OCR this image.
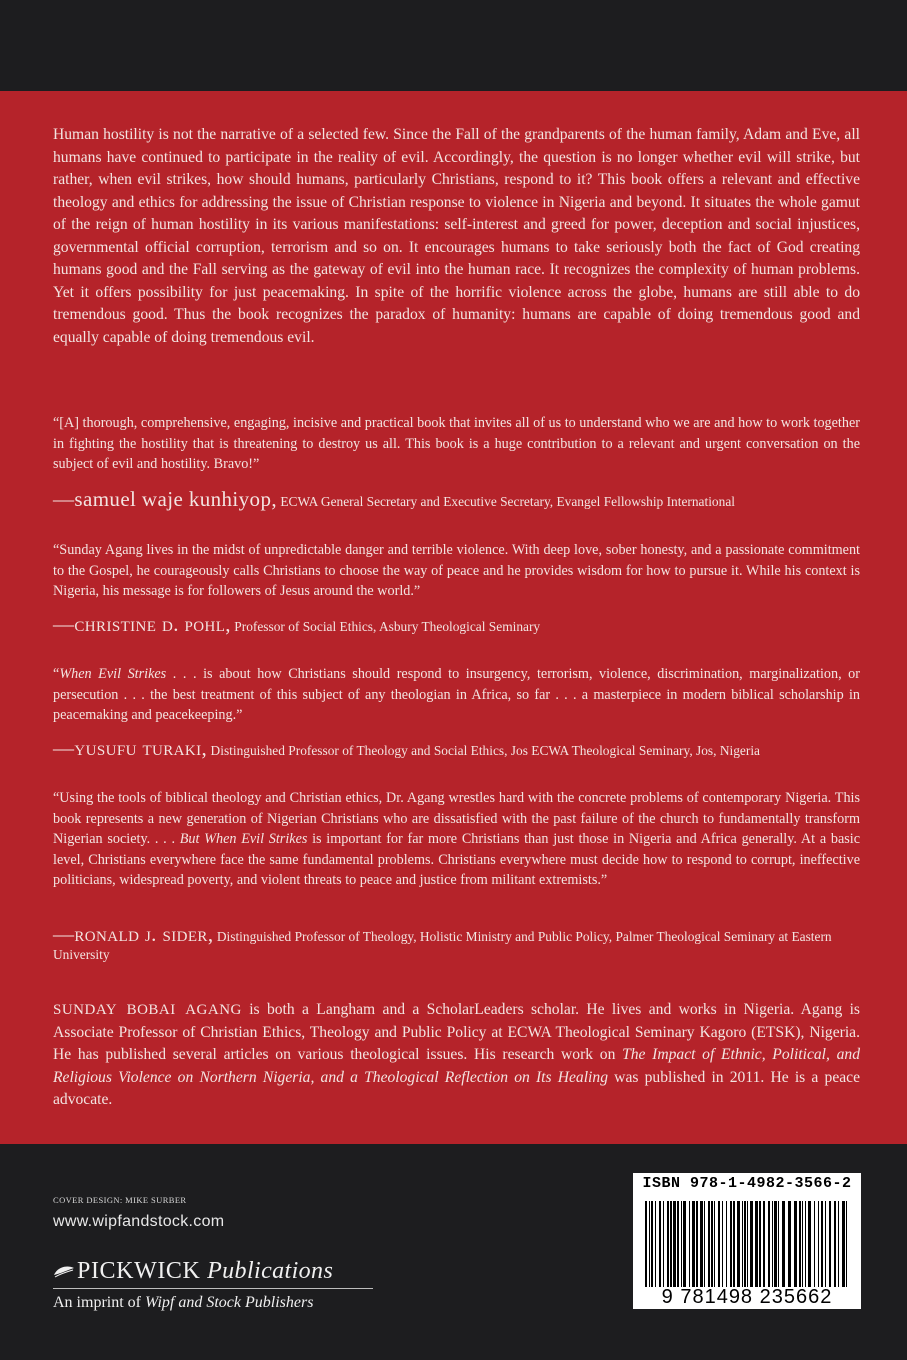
Human hostility is not the narrative of a selected few. Since the Fall of the grandparents of the human family, Adam and Eve, all humans have continued to participate in the reality of evil. Accordingly, the question is no longer whether evil will strike, but rather, when evil strikes, how should humans, particularly Christians, respond to it? This book offers a relevant and effective theology and ethics for addressing the issue of Christian response to violence in Nigeria and beyond. It situates the whole gamut of the reign of human hostility in its various manifestations: self-interest and greed for power, deception and social injustices, governmental official corruption, terrorism and so on. It encourages humans to take seriously both the fact of God creating humans good and the Fall serving as the gateway of evil into the human race. It recognizes the complexity of human problems. Yet it offers possibility for just peacemaking. In spite of the horrific violence across the globe, humans are still able to do tremendous good. Thus the book recognizes the paradox of humanity: humans are capable of doing tremendous good and equally capable of doing tremendous evil.

“[A] thorough, comprehensive, engaging, incisive and practical book that invites all of us to understand who we are and how to work together in fighting the hostility that is threatening to destroy us all. This book is a huge contribution to a relevant and urgent conversation on the subject of evil and hostility. Bravo!”

—samuel waje kunhiyop, ECWA General Secretary and Executive Secretary, Evangel Fellowship International

“Sunday Agang lives in the midst of unpredictable danger and terrible violence. With deep love, sober honesty, and a passionate commitment to the Gospel, he courageously calls Christians to choose the way of peace and he provides wisdom for how to pursue it. While his context is Nigeria, his message is for followers of Jesus around the world.”

—christine d. pohl, Professor of Social Ethics, Asbury Theological Seminary

“When Evil Strikes . . . is about how Christians should respond to insurgency, terrorism, violence, discrimination, marginalization, or persecution . . . the best treatment of this subject of any theologian in Africa, so far . . . a masterpiece in modern biblical scholarship in peacemaking and peacekeeping.”

—yusufu turaki, Distinguished Professor of Theology and Social Ethics, Jos ECWA Theological Seminary, Jos, Nigeria

“Using the tools of biblical theology and Christian ethics, Dr. Agang wrestles hard with the concrete problems of contemporary Nigeria. This book represents a new generation of Nigerian Christians who are dissatisfied with the past failure of the church to fundamentally transform Nigerian society. . . . But When Evil Strikes is important for far more Christians than just those in Nigeria and Africa generally. At a basic level, Christians everywhere face the same fundamental problems. Christians everywhere must decide how to respond to corrupt, ineffective politicians, widespread poverty, and violent threats to peace and justice from militant extremists.”

—ronald j. sider, Distinguished Professor of Theology, Holistic Ministry and Public Policy, Palmer Theological Seminary at Eastern University

sunday bobai agang is both a Langham and a ScholarLeaders scholar. He lives and works in Nigeria. Agang is Associate Professor of Christian Ethics, Theology and Public Policy at ECWA Theological Seminary Kagoro (ETSK), Nigeria. He has published several articles on various theological issues. His research work on The Impact of Ethnic, Political, and Religious Violence on Northern Nigeria, and a Theological Reflection on Its Healing was published in 2011. He is a peace advocate.

COVER DESIGN: MIKE SURBER
www.wipfandstock.com
PICKWICK Publications
An imprint of Wipf and Stock Publishers
ISBN 978-1-4982-3566-2
9 781498 235662
